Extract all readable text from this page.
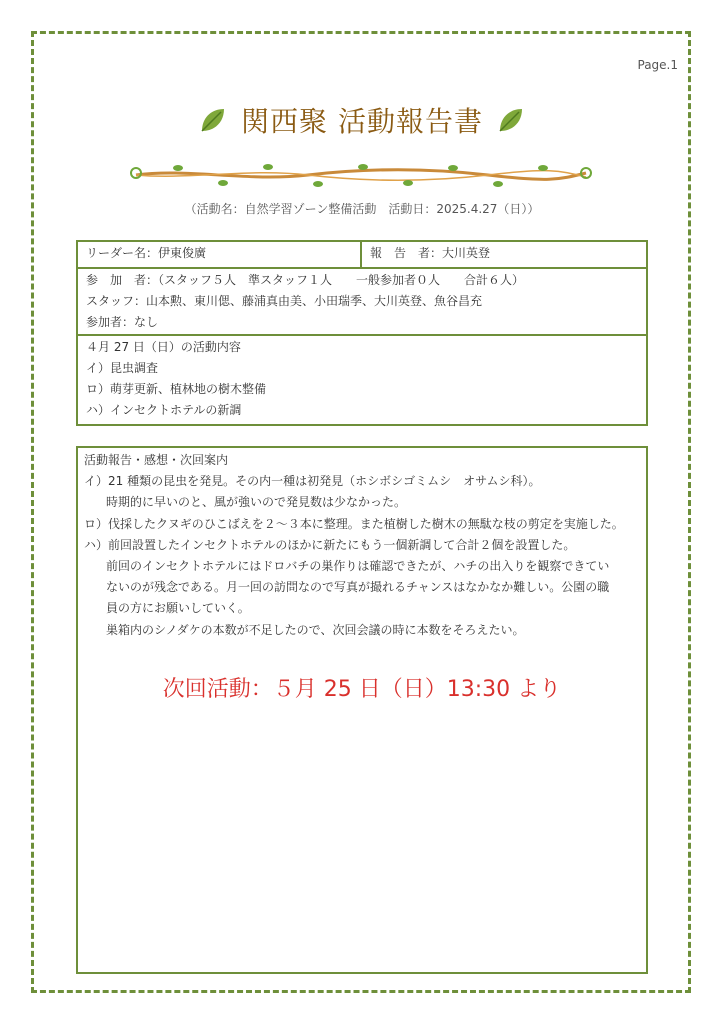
Page.1
関西聚 活動報告書
（活動名：自然学習ゾーン整備活動　活動日：2025.4.27（日））
リーダー名：伊東俊廣	報　告　者：大川英登
参　加　者：（スタッフ５人　準スタッフ１人　　一般参加者０人　　合計６人）
スタッフ：山本勲、東川偲、藤浦真由美、小田瑞季、大川英登、魚谷昌充
参加者：なし
４月 27 日（日）の活動内容
イ）昆虫調査
ロ）萌芽更新、植林地の樹木整備
ハ）インセクトホテルの新調
活動報告・感想・次回案内
イ）21 種類の昆虫を発見。その内一種は初発見（ホシボシゴミムシ　オサムシ科）。
時期的に早いのと、風が強いので発見数は少なかった。
ロ）伐採したクヌギのひこばえを２〜３本に整理。また植樹した樹木の無駄な枝の剪定を実施した。
ハ）前回設置したインセクトホテルのほかに新たにもう一個新調して合計２個を設置した。
前回のインセクトホテルにはドロバチの巣作りは確認できたが、ハチの出入りを観察できてい
ないのが残念である。月一回の訪問なので写真が撮れるチャンスはなかなか難しい。公園の職
員の方にお願いしていく。
巣箱内のシノダケの本数が不足したので、次回会議の時に本数をそろえたい。
次回活動：５月 25 日（日）13:30 より
